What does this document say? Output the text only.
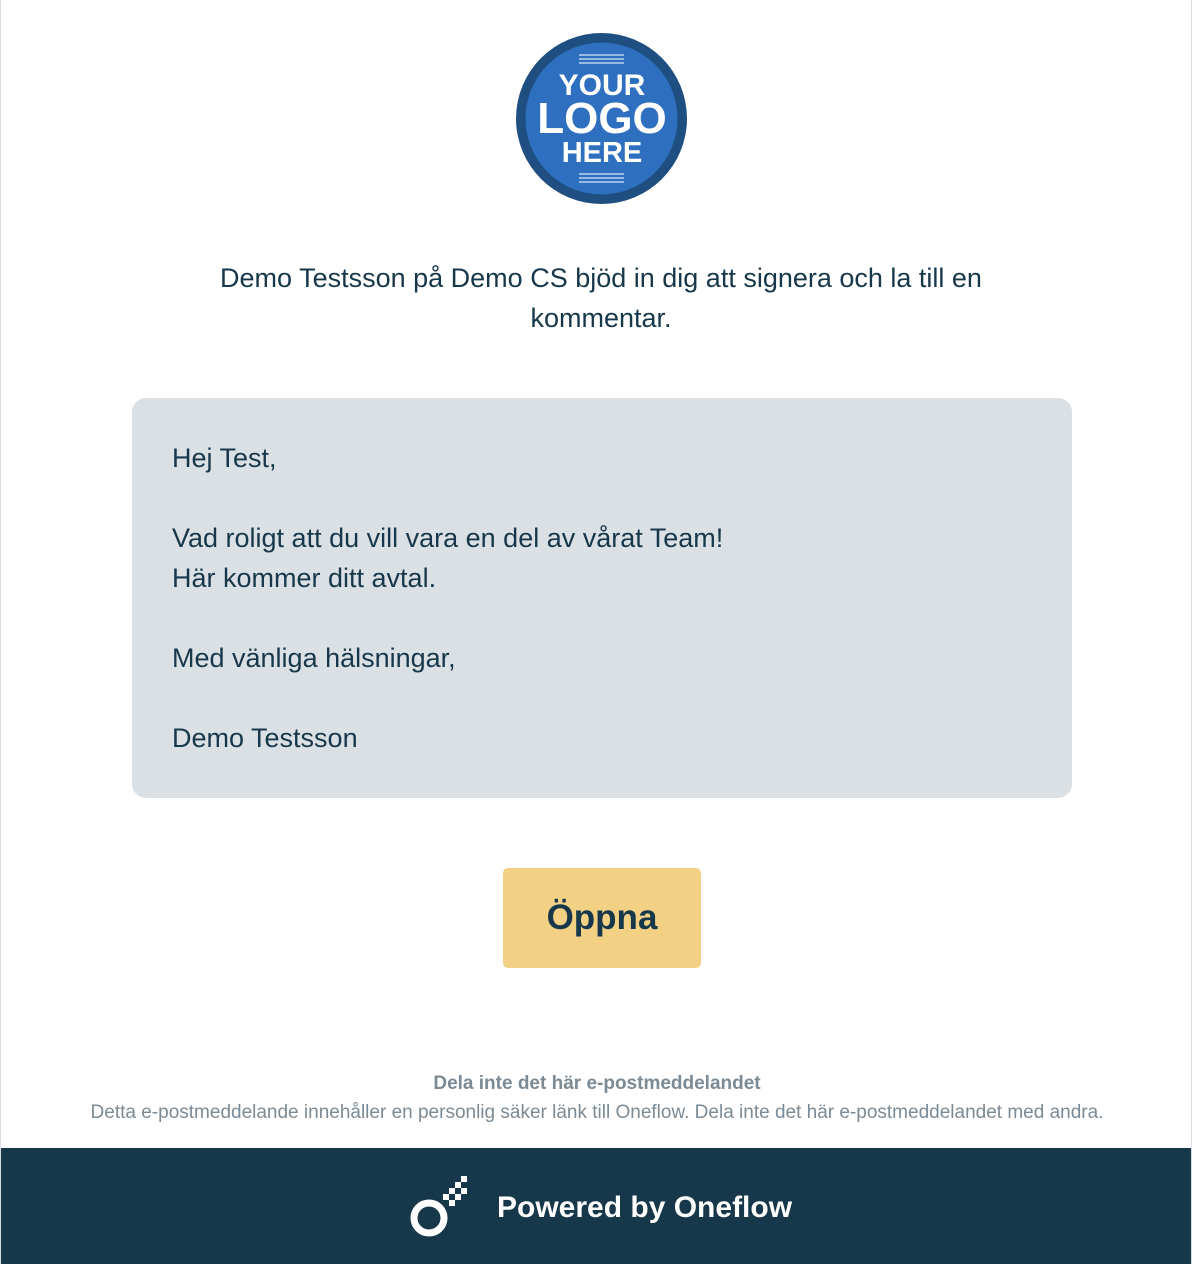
YOUR
LOGO
HERE
Demo Testsson på Demo CS bjöd in dig att signera och la till en kommentar.
Hej Test,
Vad roligt att du vill vara en del av vårat Team!
Här kommer ditt avtal.
Med vänliga hälsningar,
Demo Testsson
Öppna
Dela inte det här e-postmeddelandet
Detta e-postmeddelande innehåller en personlig säker länk till Oneflow. Dela inte det här e-postmeddelandet med andra.
Powered by Oneflow
